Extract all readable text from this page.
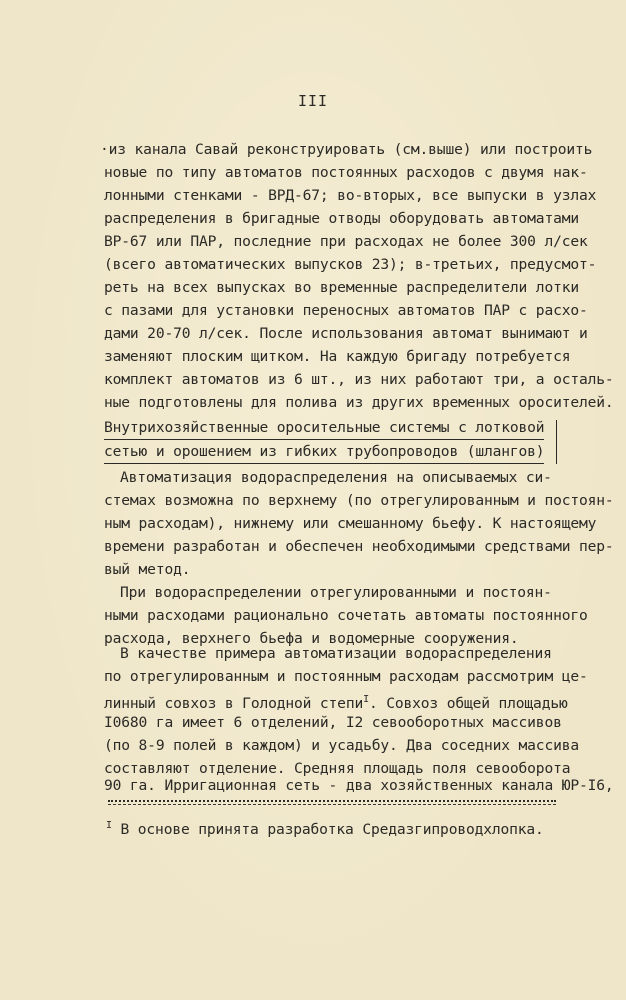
III
·из канала Савай реконструировать (см.выше) или построить
новые по типу автоматов постоянных расходов с двумя нак-
лонными стенками - ВРД-67; во-вторых, все выпуски в узлах
распределения в бригадные отводы оборудовать автоматами
ВР-67 или ПАР, последние при расходах не более 300 л/сек
(всего автоматических выпусков 23); в-третьих, предусмот-
реть на всех выпусках во временные распределители лотки
с пазами для установки переносных автоматов ПАР с расхо-
дами 20-70 л/сек. После использования автомат вынимают и
заменяют плоским щитком. На каждую бригаду потребуется
комплект автоматов из 6 шт., из них работают три, а осталь-
ные подготовлены для полива из других временных оросителей.
Внутрихозяйственные оросительные системы с лотковой
сетью и орошением из гибких трубопроводов (шлангов)
Автоматизация водораспределения на описываемых си-
стемах возможна по верхнему (по отрегулированным и постоян-
ным расходам), нижнему или смешанному бьефу. К настоящему
времени разработан и обеспечен необходимыми средствами пер-
вый метод.
При водораспределении отрегулированными и постоян-
ными расходами рационально сочетать автоматы постоянного
расхода, верхнего бьефа и водомерные сооружения.
В качестве примера автоматизации водораспределения
по отрегулированным и постоянным расходам рассмотрим це-
линный совхоз в Голодной степи$^I$. Совхоз общей площадью
I0680 га имеет 6 отделений, I2 севооборотных массивов
(по 8-9 полей в каждом) и усадьбу. Два соседних массива
составляют отделение. Средняя площадь поля севооборота
90 га. Ирригационная сеть - два хозяйственных канала ЮР-I6,
$^I$ В основе принята разработка Средазгипроводхлопка.
